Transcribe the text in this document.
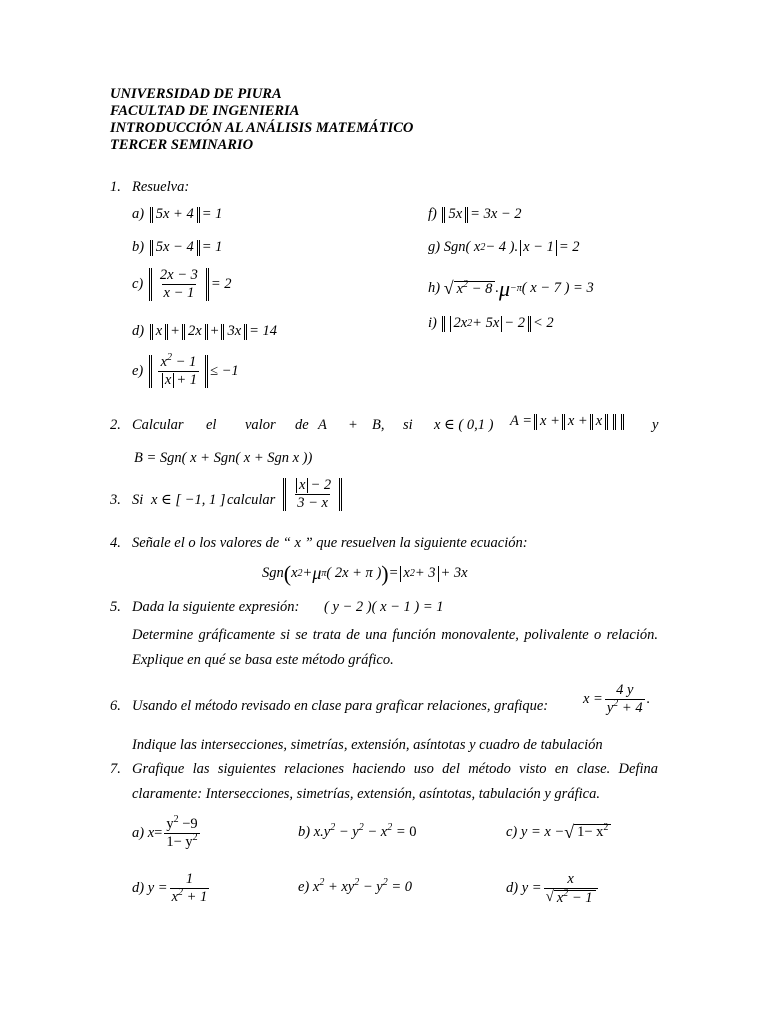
UNIVERSIDAD DE PIURA
FACULTAD DE INGENIERIA
INTRODUCCIÓN AL ANÁLISIS MATEMÁTICO
TERCER SEMINARIO
1. Resuelva:
a)
5x + 4 = 1
b)
5x − 4 = 1
c)
$\frac{2x - 3}{x - 1} = 2$
d)
x + 2x + 3x = 14
e)
$\frac{x^2 - 1}{x + 1} \le -1$
f)
5x = 3x − 2
g)
Sgn( x 2 − 4 ). x − 1 = 2
h)
√ $x^2 - 8$ . μ −π ( x − 7 ) = 3
i)
2x 2 + 5x − 2 < 2
2. Calcular el valor de A + B, si x ∈ ( 0,1 ) A = x + x + x	y
B = Sgn( x + Sgn( x + Sgn x ))
3. Si x ∈ [ −1, 1 ] calcular $\frac{x - 2}{3 - x}$
4. Señale el o los valores de “ x ” que resuelven la siguiente ecuación:
Sgn ( x 2 + μ π ( 2x + π ) ) = x 2 + 3 + 3x
5. Dada la siguiente expresión: ( y − 2 )( x − 1 ) = 1
Determine gráficamente si se trata de una función monovalente, polivalente o relación. Explique en qué se basa este método gráfico.
6. Usando el método revisado en clase para graficar relaciones, grafique: $x = \frac{4 y}{y^2 + 4}$ .
Indique las intersecciones, simetrías, extensión, asíntotas y cuadro de tabulación
7. Grafique las siguientes relaciones haciendo uso del método visto en clase. Defina claramente: Intersecciones, simetrías, extensión, asíntotas, tabulación y gráfica.
a)
$x = \frac{y^2 -9}{1- y^2}$	b)
$x.y^2 - y^2 - x^2 = 0$	c)
y = x − √ $1- x^2$
d)
$y = \frac{1}{x^2 + 1}$	e)
$x^2 + xy^2 - y^2 = 0$	d)
$y = \frac{x}{√ x^2 - 1}$
